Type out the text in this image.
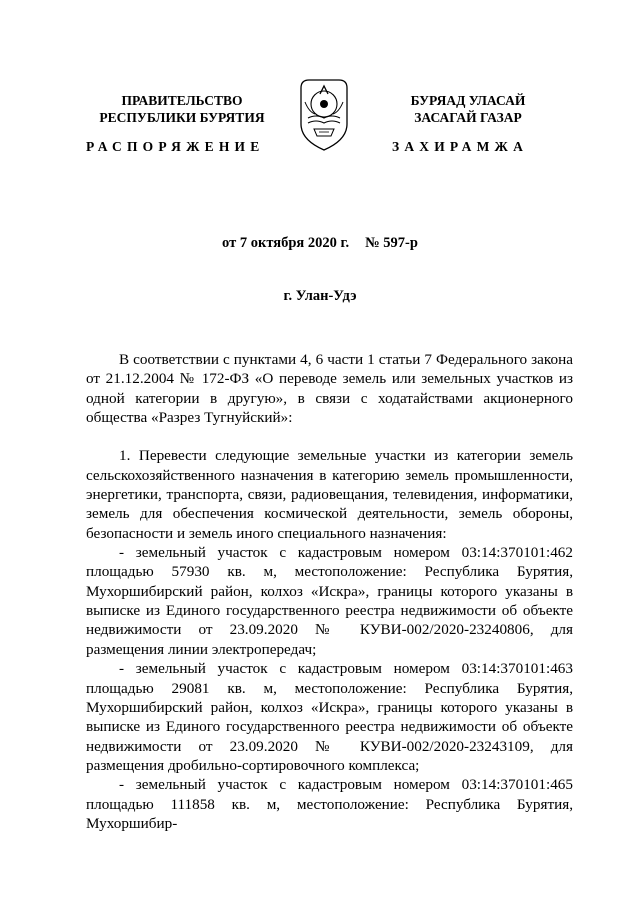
ПРАВИТЕЛЬСТВО
РЕСПУБЛИКИ БУРЯТИЯ
БУРЯАД УЛАСАЙ
ЗАСАГАЙ ГАЗАР
РАСПОРЯЖЕНИЕ	ЗАХИРАМЖА
от 7 октября 2020 г. № 597-р
г. Улан-Удэ

В соответствии с пунктами 4, 6 части 1 статьи 7 Федерального закона от 21.12.2004 № 172-ФЗ «О переводе земель или земельных участков из одной категории в другую», в связи с ходатайствами акционерного общества «Разрез Тугнуйский»:

1. Перевести следующие земельные участки из категории земель сельскохозяйственного назначения в категорию земель промышленности, энергетики, транспорта, связи, радиовещания, телевидения, информатики, земель для обеспечения космической деятельности, земель обороны, безопасности и земель иного специального назначения:

- земельный участок с кадастровым номером 03:14:370101:462 площадью 57930 кв. м, местоположение: Республика Бурятия, Мухоршибирский район, колхоз «Искра», границы которого указаны в выписке из Единого государственного реестра недвижимости об объекте недвижимости от 23.09.2020 № КУВИ-002/2020-23240806, для размещения линии электропередач;

- земельный участок с кадастровым номером 03:14:370101:463 площадью 29081 кв. м, местоположение: Республика Бурятия, Мухоршибирский район, колхоз «Искра», границы которого указаны в выписке из Единого государственного реестра недвижимости об объекте недвижимости от 23.09.2020 № КУВИ-002/2020-23243109, для размещения дробильно-сортировочного комплекса;

- земельный участок с кадастровым номером 03:14:370101:465 площадью 111858 кв. м, местоположение: Республика Бурятия, Мухоршибир-
